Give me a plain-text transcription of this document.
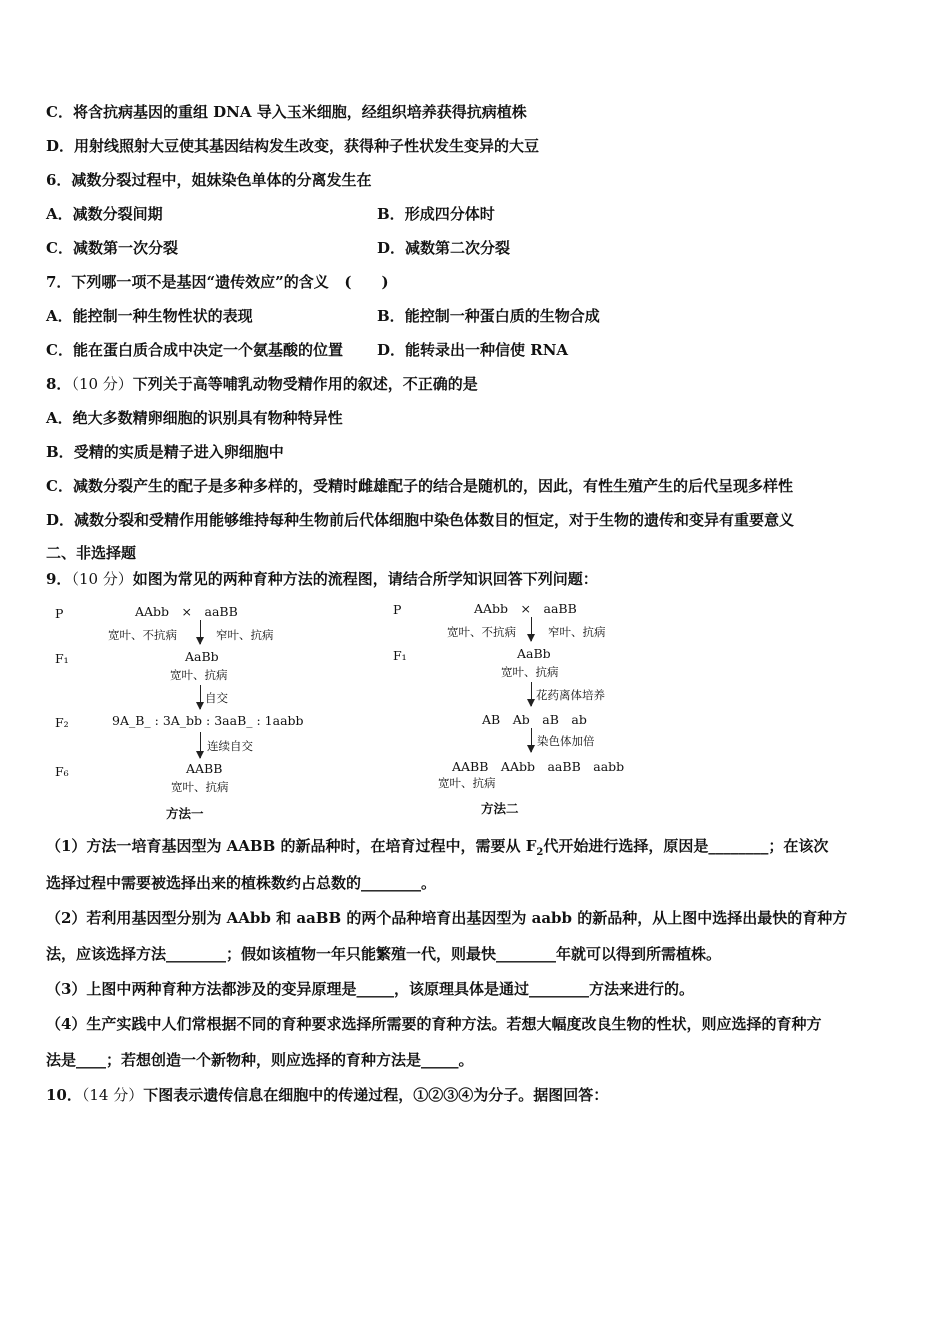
C．将含抗病基因的重组 DNA 导入玉米细胞，经组织培养获得抗病植株
D．用射线照射大豆使其基因结构发生改变，获得种子性状发生变异的大豆
6．减数分裂过程中，姐妹染色单体的分离发生在
A．减数分裂间期	B．形成四分体时
C．减数第一次分裂	D．减数第二次分裂
7．下列哪一项不是基因“遗传效应”的含义 (　　)
A．能控制一种生物性状的表现	B．能控制一种蛋白质的生物合成
C．能在蛋白质合成中决定一个氨基酸的位置 D．能转录出一种信使 RNA
8．（10 分）下列关于高等哺乳动物受精作用的叙述，不正确的是
A．绝大多数精卵细胞的识别具有物种特异性
B．受精的实质是精子进入卵细胞中
C．减数分裂产生的配子是多种多样的，受精时雌雄配子的结合是随机的，因此，有性生殖产生的后代呈现多样性
D．减数分裂和受精作用能够维持每种生物前后代体细胞中染色体数目的恒定，对于生物的遗传和变异有重要意义
二、非选择题
9．（10 分）如图为常见的两种育种方法的流程图，请结合所学知识回答下列问题：
P	AAbb　×　aaBB
宽叶、不抗病	窄叶、抗病
F₁	AaBb
宽叶、抗病
自交
F₂	9A_B_ : 3A_bb : 3aaB_ : 1aabb
连续自交
F₆	AABB
宽叶、抗病
方法一
P	AAbb　×　aaBB
宽叶、不抗病	窄叶、抗病
F₁	AaBb
宽叶、抗病
花药离体培养
AB　Ab　aB　ab
染色体加倍
AABB　AAbb　aaBB　aabb
宽叶、抗病
方法二
（1）方法一培育基因型为 AABB 的新品种时，在培育过程中，需要从 $F_2$代开始进行选择，原因是________；在该次
选择过程中需要被选择出来的植株数约占总数的________。
（2）若利用基因型分别为 AAbb 和 aaBB 的两个品种培育出基因型为 aabb 的新品种，从上图中选择出最快的育种方
法，应该选择方法________；假如该植物一年只能繁殖一代，则最快________年就可以得到所需植株。
（3）上图中两种育种方法都涉及的变异原理是_____，该原理具体是通过________方法来进行的。
（4）生产实践中人们常根据不同的育种要求选择所需要的育种方法。若想大幅度改良生物的性状，则应选择的育种方
法是____；若想创造一个新物种，则应选择的育种方法是_____。
10．（14 分）下图表示遗传信息在细胞中的传递过程，①②③④为分子。据图回答：
